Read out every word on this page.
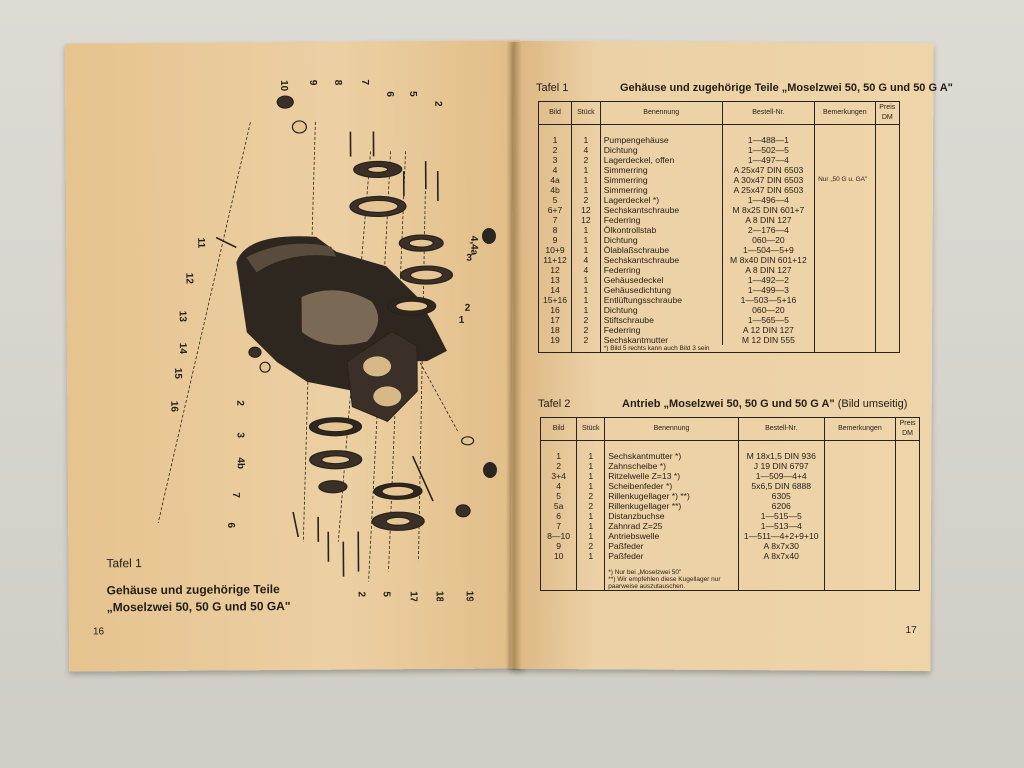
10 9 8 7
6 5
2
4,4a
3
2
1
11
12
13
14
15
16	2
3
4b
7
6
2 5 17 18 19
Tafel 1
Gehäuse und zugehörige Teile
„Moselzwei 50, 50 G und 50 GA"
16	17
Tafel 1	Gehäuse und zugehörige Teile „Moselzwei 50, 50 G und 50 G A"
Bild	Stück	Benennung	Bestell-Nr.	Bemerkungen	Preis DM

1	1	Pumpengehäuse	1—488—1		
2	4	Dichtung	1—502—5		
3	2	Lagerdeckel, offen	1—497—4		
4	1	Simmerring	A 25x47 DIN 6503		
4a	1	Simmerring	A 30x47 DIN 6503	Nur „50 G u. GA"	
4b	1	Simmerring	A 25x47 DIN 6503		
5	2	Lagerdeckel *)	1—496—4		
6+7	12	Sechskantschraube	M 8x25 DIN 601+7		
7	12	Federring	A 8 DIN 127		
8	1	Ölkontrollstab	2—176—4		
9	1	Dichtung	060—20		
10+9	1	Ölablaßschraube	1—504—5+9		
11+12	4	Sechskantschraube	M 8x40 DIN 601+12		
12	4	Federring	A 8 DIN 127		
13	1	Gehäusedeckel	1—492—2		
14	1	Gehäusedichtung	1—499—3		
15+16	1	Entlüftungsschraube	1—503—5+16		
16	1	Dichtung	060—20		
17	2	Stiftschraube	1—565—5		
18	2	Federring	A 12 DIN 127		
19	2	Sechskantmutter	M 12 DIN 555		
		*) Bild 5 rechts kann auch Bild 3 sein			
Tafel 2	Antrieb „Moselzwei 50, 50 G und 50 G A" (Bild umseitig)
Bild	Stück	Benennung	Bestell-Nr.	Bemerkungen	Preis DM

1	1	Sechskantmutter *)	M 18x1,5 DIN 936		
2	1	Zahnscheibe *)	J 19 DIN 6797		
3+4	1	Ritzelwelle Z=13 *)	1—509—4+4		
4	1	Scheibenfeder *)	5x6,5 DIN 6888		
5	2	Rillenkugellager *) **)	6305		
5a	2	Rillenkugellager **)	6206		
6	1	Distanzbuchse	1—515—5		
7	1	Zahnrad Z=25	1—513—4		
8—10	1	Antriebswelle	1—511—4+2+9+10		
9	2	Paßfeder	A 8x7x30		
10	1	Paßfeder	A 8x7x40		

		*) Nur bei „Moselzwei 50"
**) Wir empfehlen diese Kugellager nur paarweise auszutauschen.			
